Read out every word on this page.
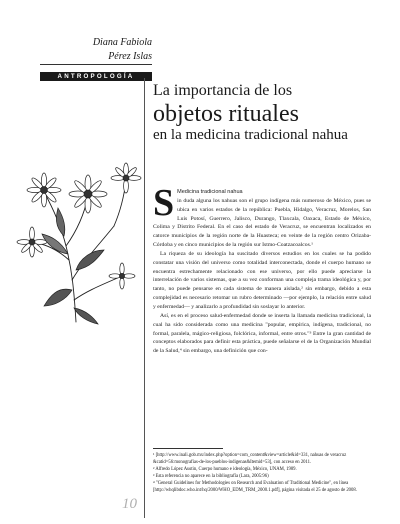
Diana Fabiola
Pérez Islas
ANTROPOLOGÍA
La importancia de los
objetos rituales
en la medicina tradicional nahua
S Medicina tradicional nahua

in duda alguna los nahuas son el grupo indígena más numeroso de México, pues se ubica en varios estados de la república: Puebla, Hidalgo, Veracruz, Morelos, San Luis Potosí, Guerrero, Jalisco, Durango, Tlaxcala, Oaxaca, Estado de México, Colima y Distrito Federal. En el caso del estado de Veracruz, se encuentran localizados en catorce municipios de la región norte de la Huasteca; en veinte de la región centro Orizaba-Córdoba y en cinco municipios de la región sur Istmo-Coatzacoalcos.¹

La riqueza de su ideología ha suscitado diversos estudios en los cuales se ha podido constatar una visión del universo como totalidad interconectada, donde el cuerpo humano se encuentra estrechamente relacionado con ese universo, por ello puede apreciarse la interrelación de varios sistemas, que a su vez conforman una compleja trama ideológica y, por tanto, no puede pensarse en cada sistema de manera aislada,² sin embargo, debido a esta complejidad es necesario retomar un rubro determinado —por ejemplo, la relación entre salud y enfermedad— y analizarlo a profundidad sin soslayar lo anterior.

Así, es en el proceso salud-enfermedad donde se inserta la llamada medicina tradicional, la cual ha sido considerada como una medicina "popular, empírica, indígena, tradicional, no formal, paralela, mágico-religiosa, folclórica, informal, entre otros."³ Entre la gran cantidad de conceptos elaborados para definir esta práctica, puede señalarse el de la Organización Mundial de la Salud,⁴ sin embargo, una definición que con-

¹ [http://www.inali.gob.mx/index.php?option=com_content&view=article&id=331, nahuas de veracruz &catid=56:monografias-de-los-pueblos-indigenas&Itemid=53], con acceso en 2011.
² Alfredo López Austin, Cuerpo humano e ideología, México, UNAM, 1989.
³ Esta referencia no aparece en la bibliografía (Lara, 2005:96)
⁴ "General Guidelines for Methodologies on Research and Evaluation of Traditional Medicine", en línea [http://whqlibdoc.who.int/hq/2000/WHO_EDM_TRM_2000.1.pdf], página visitada el 25 de agosto de 2008.
10
